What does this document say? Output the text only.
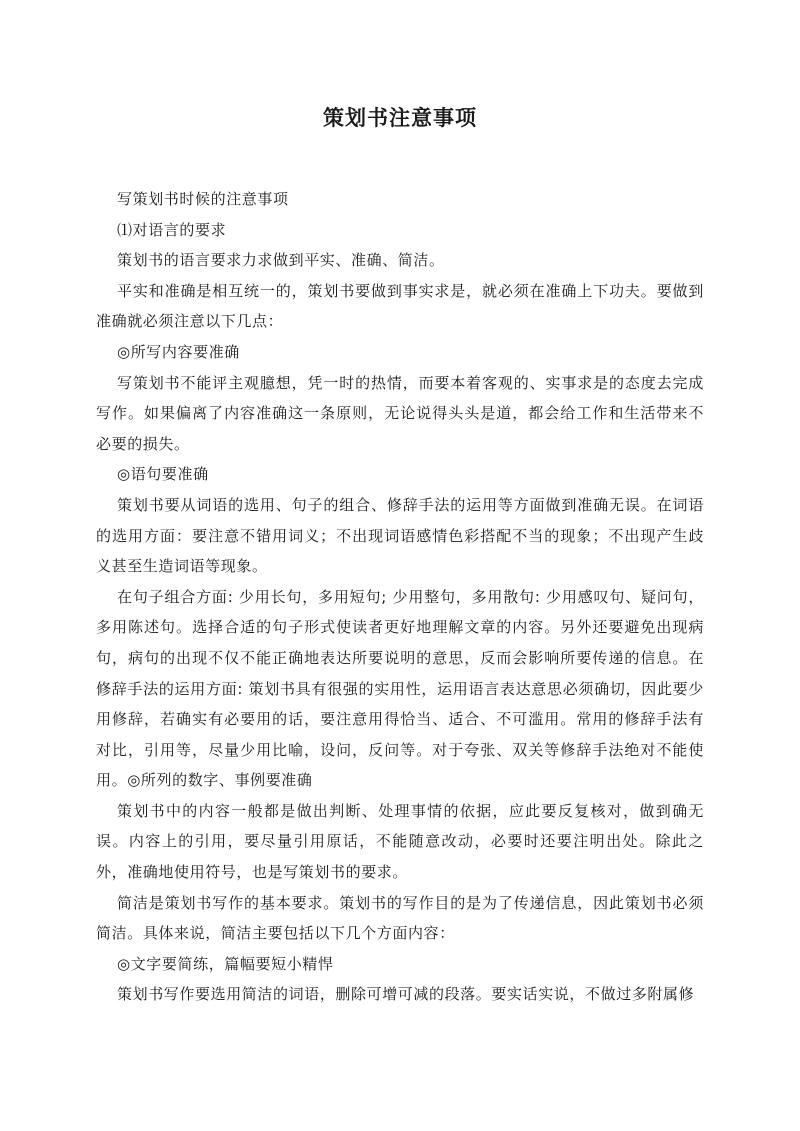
策划书注意事项

写策划书时候的注意事项

⑴对语言的要求

策划书的语言要求力求做到平实、准确、简洁。

平实和准确是相互统一的，策划书要做到事实求是，就必须在准确上下功夫。要做到准确就必须注意以下几点：

◎所写内容要准确

写策划书不能评主观臆想，凭一时的热情，而要本着客观的、实事求是的态度去完成写作。如果偏离了内容准确这一条原则，无论说得头头是道，都会给工作和生活带来不必要的损失。

◎语句要准确

策划书要从词语的选用、句子的组合、修辞手法的运用等方面做到准确无误。在词语的选用方面：要注意不错用词义；不出现词语感情色彩搭配不当的现象；不出现产生歧义甚至生造词语等现象。

在句子组合方面: 少用长句，多用短句; 少用整句，多用散句: 少用感叹句、疑问句，多用陈述句。选择合适的句子形式使读者更好地理解文章的内容。另外还要避免出现病句，病句的出现不仅不能正确地表达所要说明的意思，反而会影响所要传递的信息。在修辞手法的运用方面: 策划书具有很强的实用性，运用语言表达意思必须确切，因此要少用修辞，若确实有必要用的话，要注意用得恰当、适合、不可滥用。常用的修辞手法有对比，引用等，尽量少用比喻，设问，反问等。对于夸张、双关等修辞手法绝对不能使用。◎所列的数字、事例要准确

策划书中的内容一般都是做出判断、处理事情的依据，应此要反复核对，做到确无误。内容上的引用，要尽量引用原话，不能随意改动，必要时还要注明出处。除此之外，准确地使用符号，也是写策划书的要求。

简洁是策划书写作的基本要求。策划书的写作目的是为了传递信息，因此策划书必须简洁。具体来说，简洁主要包括以下几个方面内容：

◎文字要简练，篇幅要短小精悍

策划书写作要选用简洁的词语，删除可增可减的段落。要实话实说，不做过多附属修
